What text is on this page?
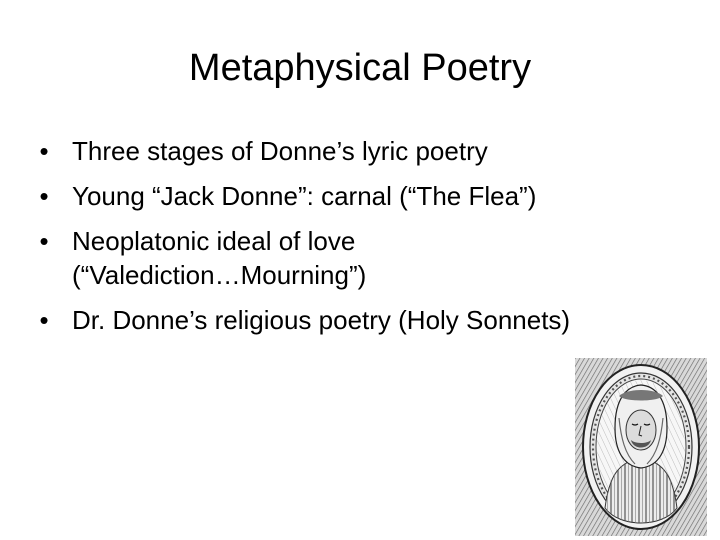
Metaphysical Poetry
• Three stages of Donne’s lyric poetry
• Young “Jack Donne”: carnal (“The Flea”)
• Neoplatonic ideal of love
(“Valediction…Mourning”)
• Dr. Donne’s religious poetry (Holy Sonnets)
